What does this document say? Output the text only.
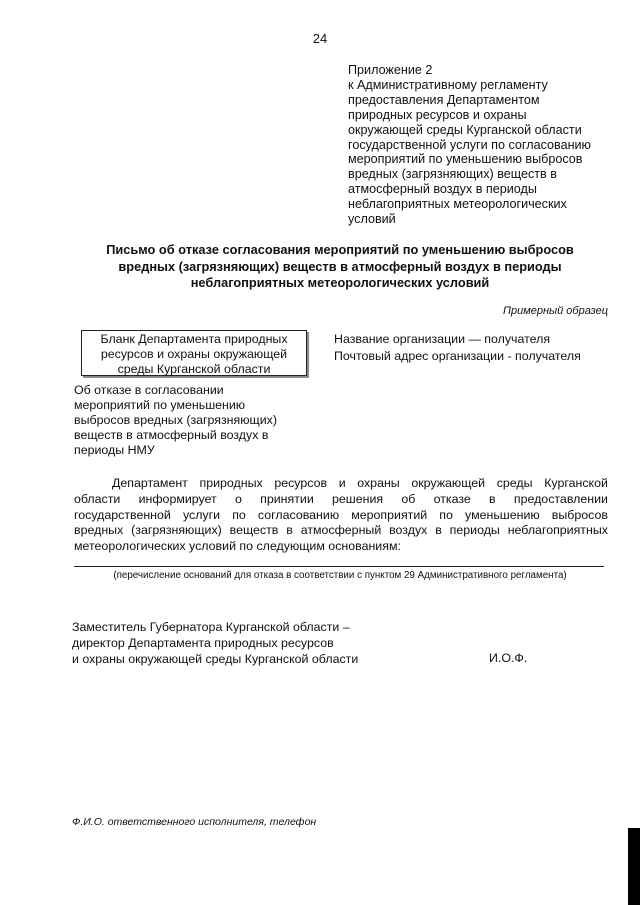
24
Приложение 2
к Административному регламенту
предоставления Департаментом
природных ресурсов и охраны
окружающей среды Курганской области
государственной услуги по согласованию
мероприятий по уменьшению выбросов
вредных (загрязняющих) веществ в
атмосферный воздух в периоды
неблагоприятных метеорологических
условий
Письмо об отказе согласования мероприятий по уменьшению выбросов
вредных (загрязняющих) веществ в атмосферный воздух в периоды
неблагоприятных метеорологических условий
Примерный образец
Бланк Департамента природных
ресурсов и охраны окружающей
среды Курганской области
Название организации — получателя
Почтовый адрес организации - получателя
Об отказе в согласовании
мероприятий по уменьшению
выбросов вредных (загрязняющих)
веществ в атмосферный воздух в
периоды НМУ
Департамент природных ресурсов и охраны окружающей среды Курганской
области информирует о принятии решения об отказе в предоставлении
государственной услуги по согласованию мероприятий по уменьшению выбросов
вредных (загрязняющих) веществ в атмосферный воздух в периоды неблагоприятных
метеорологических условий по следующим основаниям:
(перечисление оснований для отказа в соответствии с пунктом 29 Административного регламента)
Заместитель Губернатора Курганской области –
директор Департамента природных ресурсов
и охраны окружающей среды Курганской области	И.О.Ф.
Ф.И.О. ответственного исполнителя, телефон
